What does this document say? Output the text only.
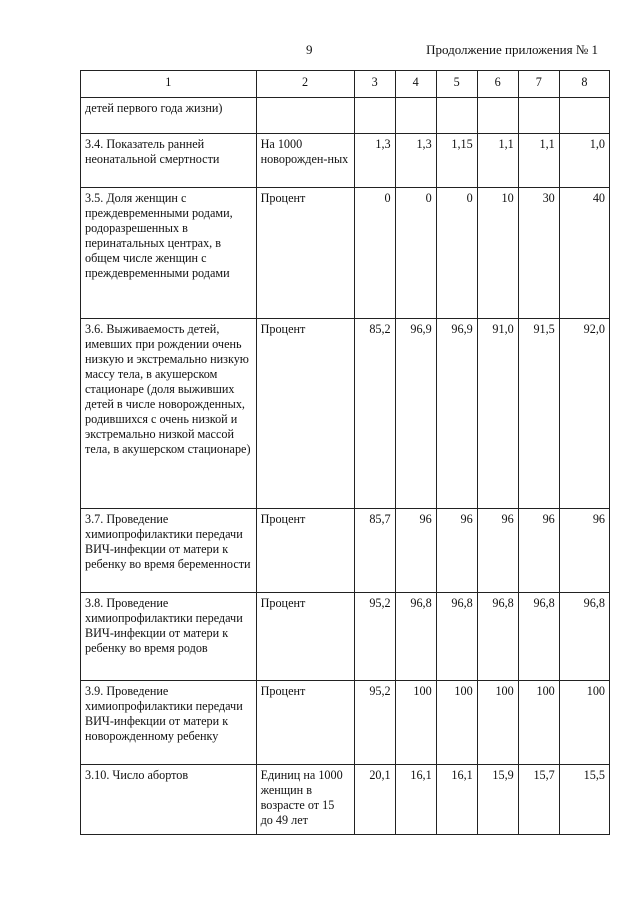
9	Продолжение приложения № 1
1	2	3	4	5	6	7	8
детей первого года жизни)							
3.4. Показатель ранней неонатальной смертности	На 1000 новорожден-ных	1,3	1,3	1,15	1,1	1,1	1,0
3.5. Доля женщин с преждевременными родами, родоразрешенных в перинатальных центрах, в общем числе женщин с преждевременными родами	Процент	0	0	0	10	30	40
3.6. Выживаемость детей, имевших при рождении очень низкую и экстремально низкую массу тела, в акушерском стационаре (доля выживших детей в числе новорожденных, родившихся с очень низкой и экстремально низкой массой тела, в акушерском стационаре)	Процент	85,2	96,9	96,9	91,0	91,5	92,0
3.7. Проведение химиопрофилактики передачи ВИЧ-инфекции от матери к ребенку во время беременности	Процент	85,7	96	96	96	96	96
3.8. Проведение химиопрофилактики передачи ВИЧ-инфекции от матери к ребенку во время родов	Процент	95,2	96,8	96,8	96,8	96,8	96,8
3.9. Проведение химиопрофилактики передачи ВИЧ-инфекции от матери к новорожденному ребенку	Процент	95,2	100	100	100	100	100
3.10. Число абортов	Единиц на 1000 женщин в возрасте от 15 до 49 лет	20,1	16,1	16,1	15,9	15,7	15,5
